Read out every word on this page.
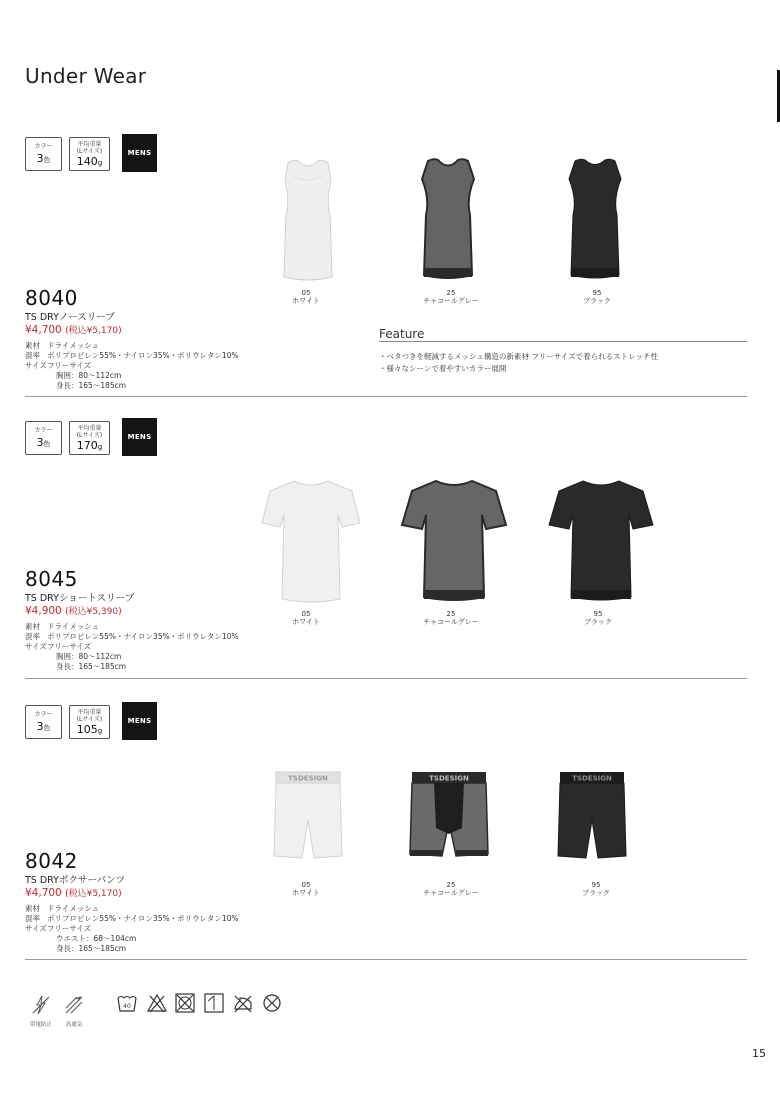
Under Wear
カラー
3色
平均重量
(Lサイズ)
140g
MENS
8040
TS DRYノースリーブ
¥4,700 (税込¥5,170)
素材 ドライメッシュ
混率 ポリプロピレン55%・ナイロン35%・ポリウレタン10%
サイズ フリーサイズ
胸囲：80〜112cm
身長：165〜185cm
05
ホワイト
25
チャコールグレー
95
ブラック
Feature
・ベタつきを軽減するメッシュ構造の新素材
・フリーサイズで着られるストレッチ性
・様々なシーンで着やすいカラー展開
カラー
3色
平均重量
(Lサイズ)
170g
MENS
8045
TS DRYショートスリーブ
¥4,900 (税込¥5,390)
素材 ドライメッシュ
混率 ポリプロピレン55%・ナイロン35%・ポリウレタン10%
サイズ フリーサイズ
胸囲：80〜112cm
身長：165〜185cm
05
ホワイト
25
チャコールグレー
95
ブラック
カラー
3色
平均重量
(Lサイズ)
105g
MENS
8042
TS DRYボクサーパンツ
¥4,700 (税込¥5,170)
素材 ドライメッシュ
混率 ポリプロピレン55%・ナイロン35%・ポリウレタン10%
サイズ フリーサイズ
ウエスト：68〜104cm
身長：165〜185cm
TSDESIGN	TSDESIGN	TSDESIGN
05
ホワイト
25
チャコールグレー
95
ブラック
帯電防止	高通気
40
15
